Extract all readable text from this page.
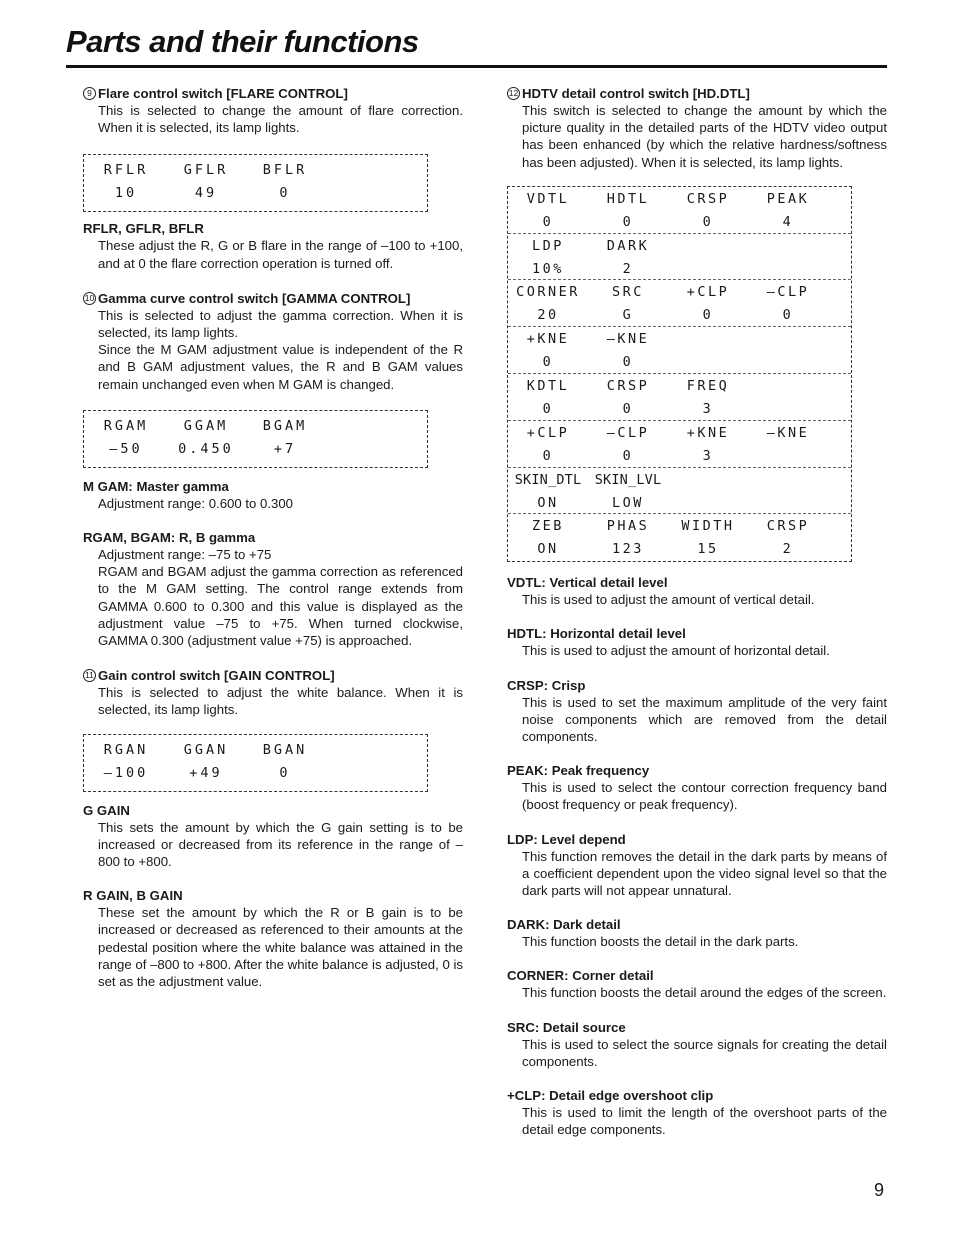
Parts and their functions
9 Flare control switch [FLARE CONTROL]
This is selected to change the amount of flare correction. When it is selected, its lamp lights.
RFLR	GFLR	BFLR
10	49	0
RFLR, GFLR, BFLR
These adjust the R, G or B flare in the range of –100 to +100, and at 0 the flare correction operation is turned off.
10 Gamma curve control switch [GAMMA CONTROL]
This is selected to adjust the gamma correction. When it is selected, its lamp lights.
Since the M GAM adjustment value is independent of the R and B GAM adjustment values, the R and B GAM values remain unchanged even when M GAM is changed.
RGAM	GGAM	BGAM
–50	0.450	+7
M GAM: Master gamma
Adjustment range: 0.600 to 0.300
RGAM, BGAM: R, B gamma
Adjustment range: –75 to +75
RGAM and BGAM adjust the gamma correction as referenced to the M GAM setting. The control range extends from GAMMA 0.600 to 0.300 and this value is displayed as the adjustment value –75 to +75. When turned clockwise, GAMMA 0.300 (adjustment value +75) is approached.
11 Gain control switch [GAIN CONTROL]
This is selected to adjust the white balance. When it is selected, its lamp lights.
RGAN	GGAN	BGAN
–100	+49	0
G GAIN
This sets the amount by which the G gain setting is to be increased or decreased from its reference in the range of –800 to +800.
R GAIN, B GAIN
These set the amount by which the R or B gain is to be increased or decreased as referenced to their amounts at the pedestal position where the white balance was attained in the range of –800 to +800. After the white balance is adjusted, 0 is set as the adjustment value.
12 HDTV detail control switch [HD.DTL]
This switch is selected to change the amount by which the picture quality in the detailed parts of the HDTV video output has been enhanced (by which the relative hardness/softness has been adjusted). When it is selected, its lamp lights.
VDTL	HDTL	CRSP	PEAK
0	0	0	4
LDP	DARK
10%	2
CORNER	SRC	+CLP	–CLP
20	G	0	0
+KNE	–KNE
0	0
KDTL	CRSP	FREQ
0	0	3
+CLP	–CLP	+KNE	–KNE
0	0	3
SKIN_DTL SKIN_LVL
ON	LOW
ZEB	PHAS	WIDTH	CRSP
ON	123	15	2
VDTL: Vertical detail level
This is used to adjust the amount of vertical detail.
HDTL: Horizontal detail level
This is used to adjust the amount of horizontal detail.
CRSP: Crisp
This is used to set the maximum amplitude of the very faint noise components which are removed from the detail components.
PEAK: Peak frequency
This is used to select the contour correction frequency band (boost frequency or peak frequency).
LDP: Level depend
This function removes the detail in the dark parts by means of a coefficient dependent upon the video signal level so that the dark parts will not appear unnatural.
DARK: Dark detail
This function boosts the detail in the dark parts.
CORNER: Corner detail
This function boosts the detail around the edges of the screen.
SRC: Detail source
This is used to select the source signals for creating the detail components.
+CLP: Detail edge overshoot clip
This is used to limit the length of the overshoot parts of the detail edge components.
9
